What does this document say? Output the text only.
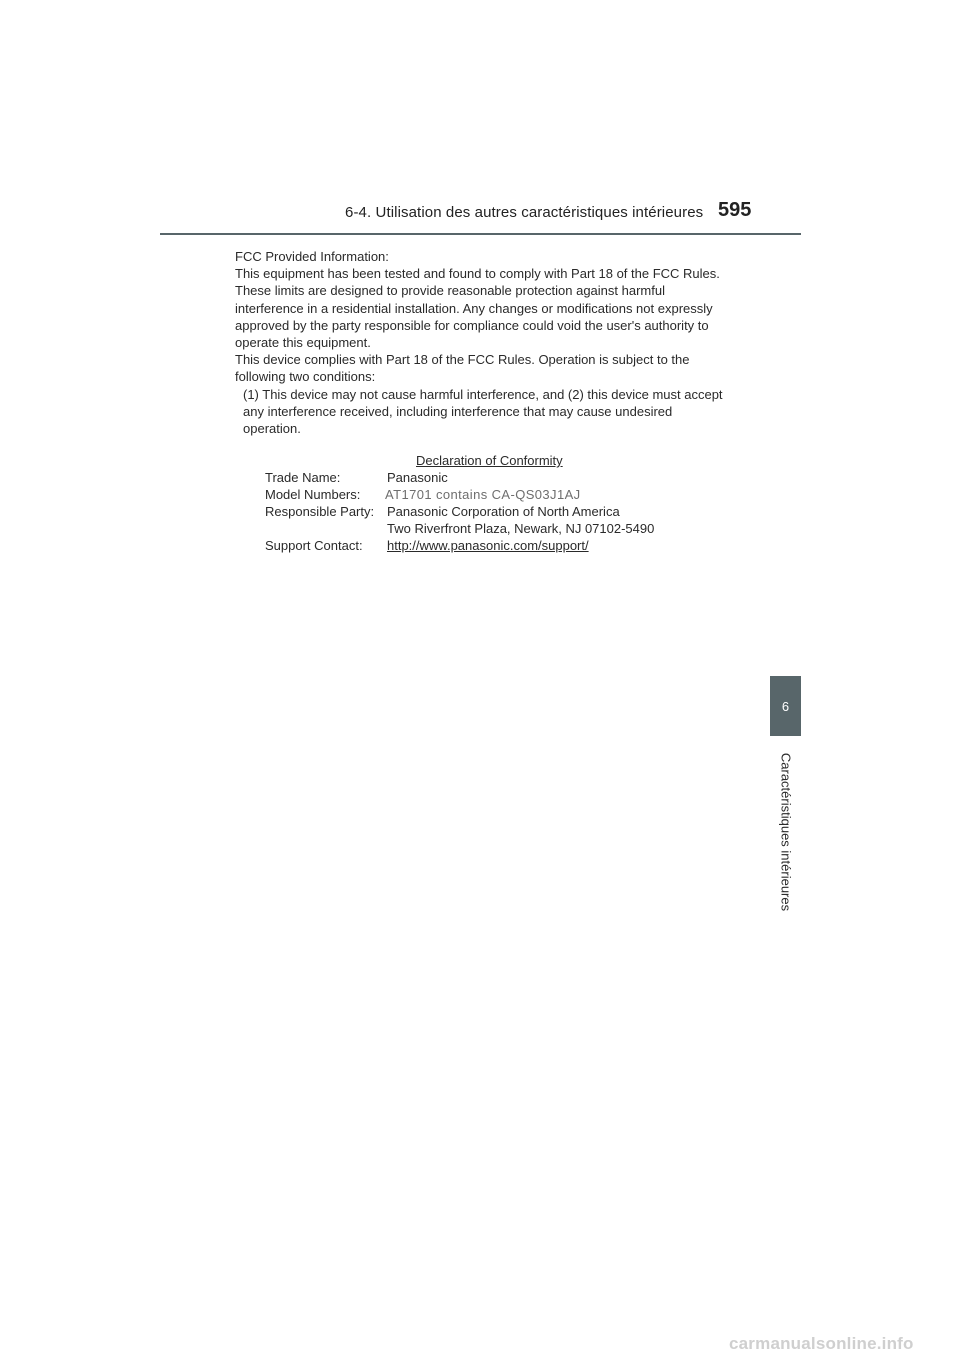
6-4. Utilisation des autres caractéristiques intérieures 595

FCC Provided Information:

This equipment has been tested and found to comply with Part 18 of the FCC Rules. These limits are designed to provide reasonable protection against harmful interference in a residential installation. Any changes or modifications not expressly approved by the party responsible for compliance could void the user's authority to operate this equipment.

This device complies with Part 18 of the FCC Rules. Operation is subject to the following two conditions:

(1) This device may not cause harmful interference, and (2) this device must accept any interference received, including interference that may cause undesired operation.

Declaration of Conformity
Trade Name:	Panasonic
Model Numbers: AT1701 contains CA-QS03J1AJ
Responsible Party: Panasonic Corporation of North America
Two Riverfront Plaza, Newark, NJ 07102-5490
Support Contact: http://www.panasonic.com/support/
6
Caractéristiques intérieures
carmanualsonline.info
